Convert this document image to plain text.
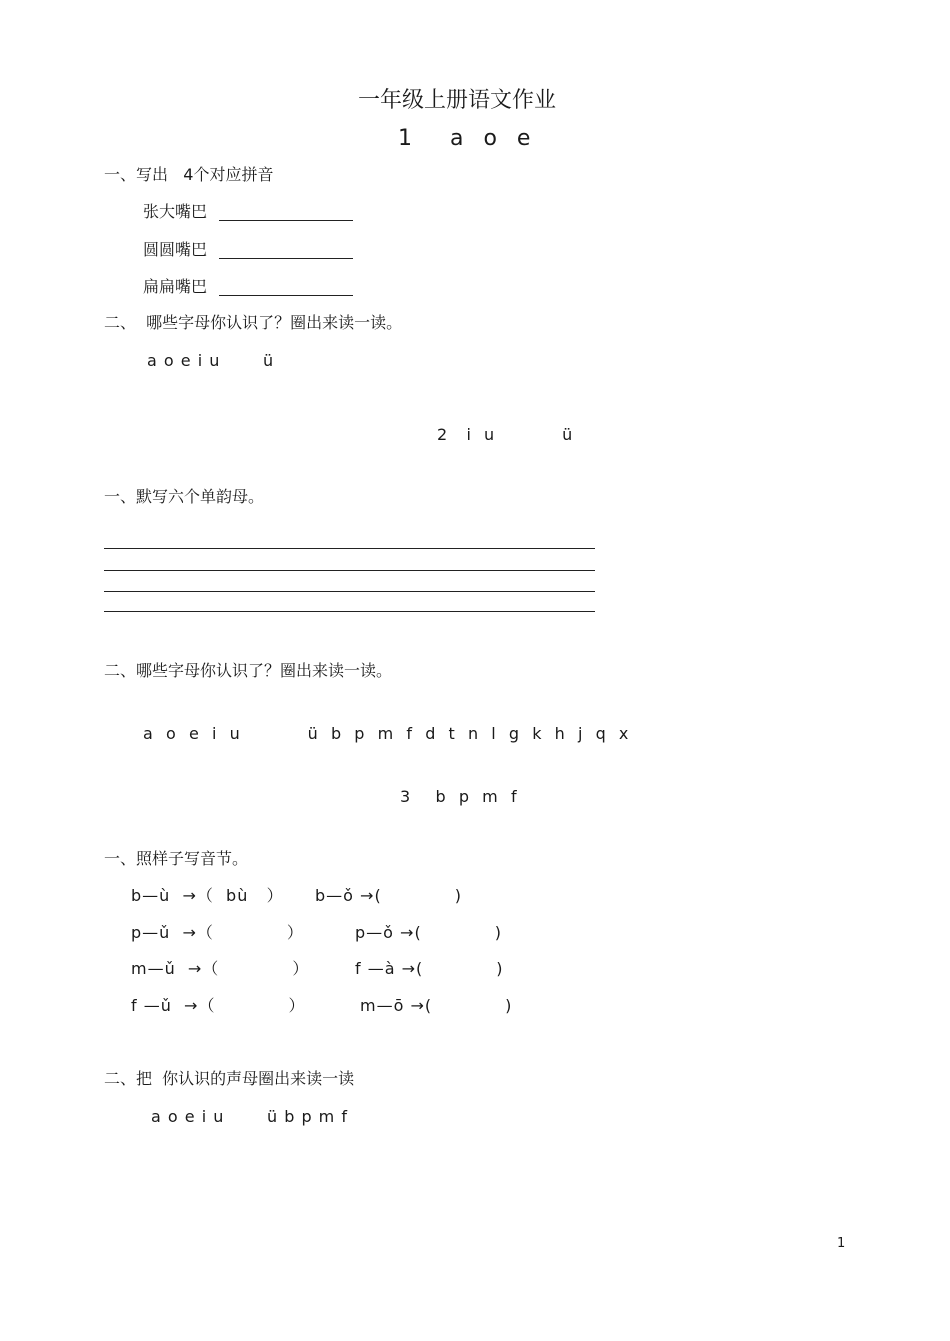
一年级上册语文作业
1    a  o  e
一、写出   4个对应拼音
张大嘴巴
圆圆嘴巴
扁扁嘴巴
二、  哪些字母你认识了？圈出来读一读。
a o e i u       ü
2   i  u           ü
一、默写六个单韵母。
二、哪些字母你认识了？圈出来读一读。
a  o  e  i  u           ü  b  p  m  f  d  t  n  l  g  k  h  j  q  x
3    b  p  m  f
一、照样子写音节。
b—ù  →（  bù   ） b—ǒ →(            )
p—ǔ  →（            ）	p—ǒ →(            )
m—ǔ  →（            ）	f —à →(            )
f —ǔ  →（            ）	m—ō →(            )
二、把  你认识的声母圈出来读一读
a o e i u       ü b p m f
1
